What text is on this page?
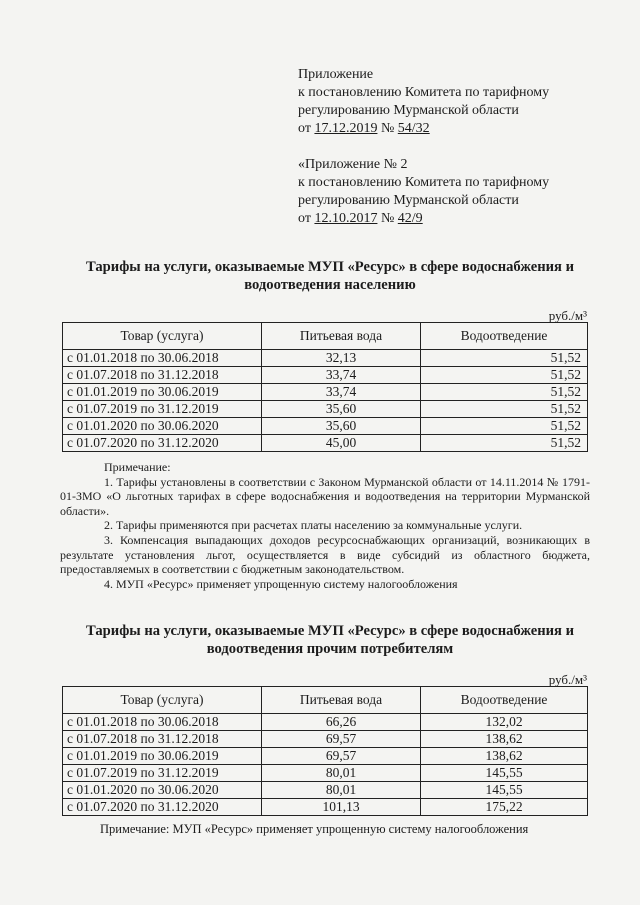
Приложение
к постановлению Комитета по тарифному
регулированию Мурманской области
от 17.12.2019 № 54/32
«Приложение № 2
к постановлению Комитета по тарифному
регулированию Мурманской области
от 12.10.2017 № 42/9
Тарифы на услуги, оказываемые МУП «Ресурс» в сфере водоснабжения и
водоотведения населению
руб./м³
Товар (услуга)	Питьевая вода	Водоотведение
с 01.01.2018 по 30.06.2018	32,13	51,52
с 01.07.2018 по 31.12.2018	33,74	51,52
с 01.01.2019 по 30.06.2019	33,74	51,52
с 01.07.2019 по 31.12.2019	35,60	51,52
с 01.01.2020 по 30.06.2020	35,60	51,52
с 01.07.2020 по 31.12.2020	45,00	51,52
Примечание:
1. Тарифы установлены в соответствии с Законом Мурманской области от 14.11.2014 № 1791-01-ЗМО «О льготных тарифах в сфере водоснабжения и водоотведения на территории Мурманской области».
2. Тарифы применяются при расчетах платы населению за коммунальные услуги.
3. Компенсация выпадающих доходов ресурсоснабжающих организаций, возникающих в результате установления льгот, осуществляется в виде субсидий из областного бюджета, предоставляемых в соответствии с бюджетным законодательством.
4. МУП «Ресурс» применяет упрощенную систему налогообложения
Тарифы на услуги, оказываемые МУП «Ресурс» в сфере водоснабжения и
водоотведения прочим потребителям
руб./м³
Товар (услуга)	Питьевая вода	Водоотведение
с 01.01.2018 по 30.06.2018	66,26	132,02
с 01.07.2018 по 31.12.2018	69,57	138,62
с 01.01.2019 по 30.06.2019	69,57	138,62
с 01.07.2019 по 31.12.2019	80,01	145,55
с 01.01.2020 по 30.06.2020	80,01	145,55
с 01.07.2020 по 31.12.2020	101,13	175,22
Примечание: МУП «Ресурс» применяет упрощенную систему налогообложения
